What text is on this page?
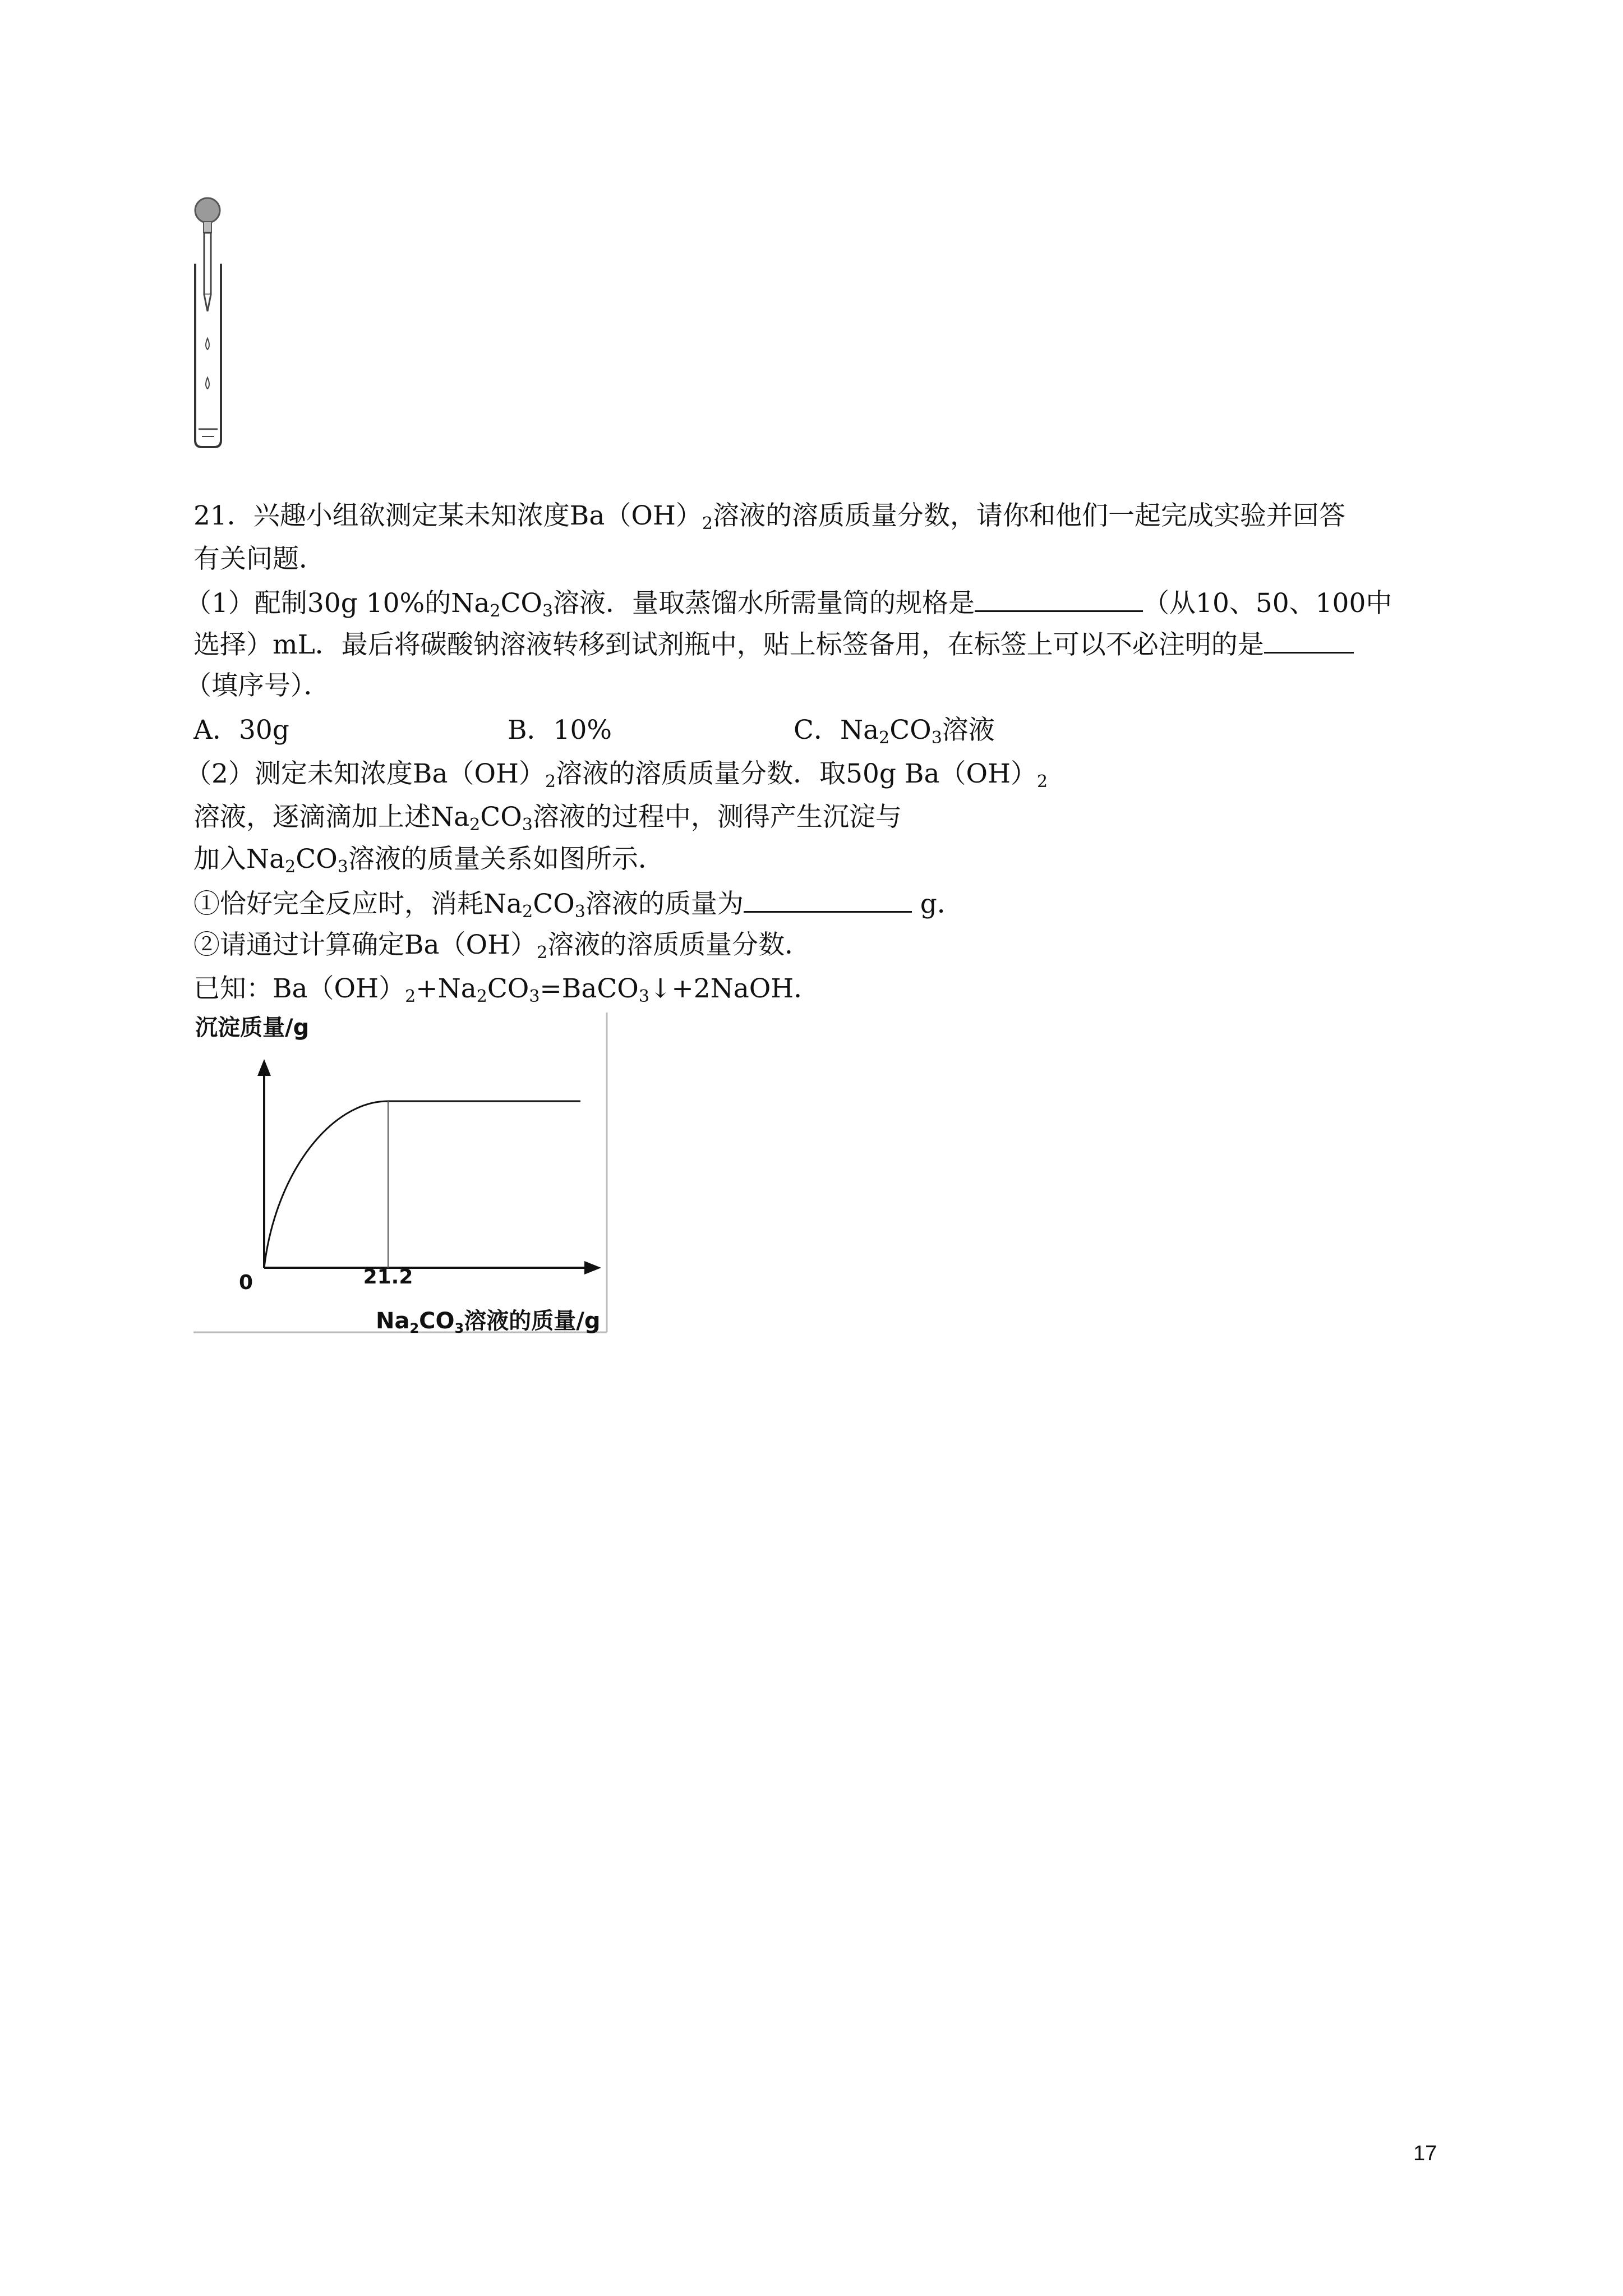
21．兴趣小组欲测定某未知浓度$Ba(OH)_2$溶液的溶质质量分数，请你和他们一起完成实验并回答
有关问题．
（1）配制30g 10%的$Na_2CO_3$溶液．量取蒸馏水所需量筒的规格是	（从10、50、100中
选择）mL．最后将碳酸钠溶液转移到试剂瓶中，贴上标签备用，在标签上可以不必注明的是
（填序号）．
A．30g	B．10%	C．$Na_2CO_3$溶液
（2）测定未知浓度$Ba(OH)_2$溶液的溶质质量分数．取50g $Ba(OH)_2$
溶液，逐滴滴加上述$Na_2CO_3$溶液的过程中，测得产生沉淀与
加入$Na_2CO_3$溶液的质量关系如图所示．
①恰好完全反应时，消耗$Na_2CO_3$溶液的质量为	g．
②请通过计算确定$Ba(OH)_2$溶液的溶质质量分数．
已知：$Ba(OH)_2+Na_2CO_3=BaCO_3↓+2NaOH$．
沉淀质量/g
0	21.2
$Na_2CO_3$溶液的质量/g
17
